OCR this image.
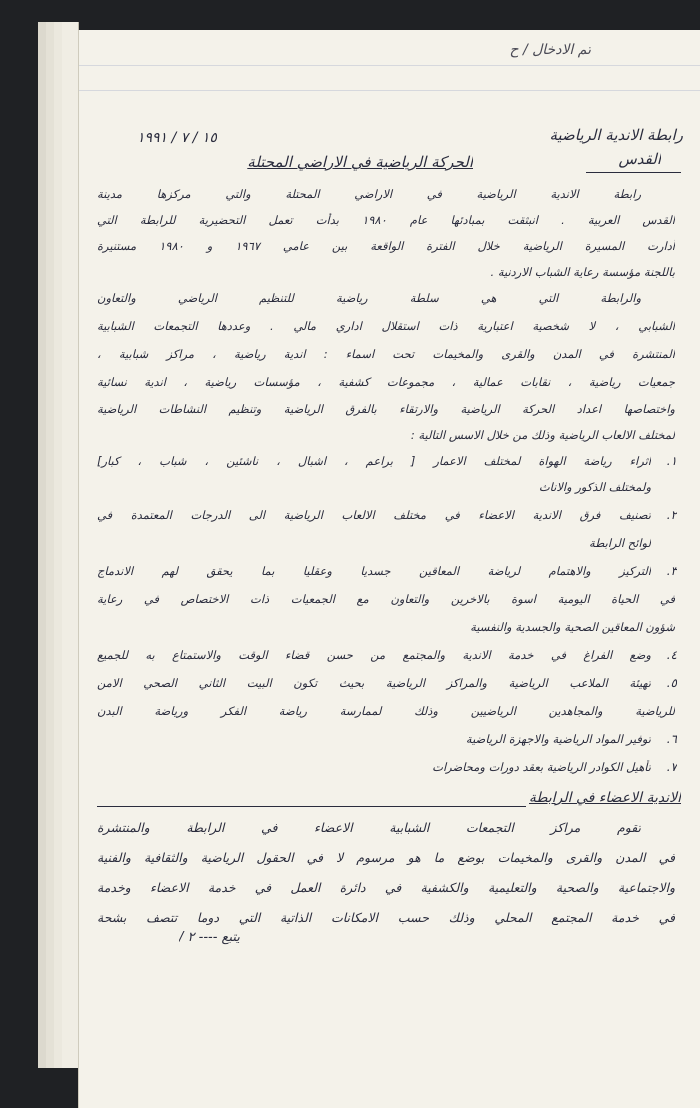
تم الادخال / ح
رابطة الاندية الرياضية
القدس
١٥ / ٧ / ١٩٩١
الحركة الرياضية في الاراضي المحتلة
رابطة الاندية الرياضية في الاراضي المحتلة والتي مركزها مدينة
القدس العربية . انبثقت بمبادئها عام ١٩٨٠ بدأت تعمل التحضيرية للرابطة التي
أدارت المسيرة الرياضية خلال الفترة الواقعة بين عامي ١٩٦٧ و ١٩٨٠ مستنيرة
باللجنة مؤسسة رعاية الشباب الاردنية .
والرابطة التي هي سلطة رياضية للتنظيم الرياضي والتعاون
الشبابي ، لا شخصية اعتبارية ذات استقلال اداري مالي . وعددها التجمعات الشبابية
المنتشرة في المدن والقرى والمخيمات تحت اسماء : اندية رياضية ، مراكز شبابية ،
جمعيات رياضية ، نقابات عمالية ، مجموعات كشفية ، مؤسسات رياضية ، اندية نسائية
واختصاصها اعداد الحركة الرياضية والارتقاء بالفرق الرياضية وتنظيم النشاطات الرياضية
لمختلف الالعاب الرياضية وذلك من خلال الاسس التالية :
١.
اثراء رياضة الهواة لمختلف الاعمار [ براعم ، اشبال ، ناشئين ، شباب ، كبار]
ولمختلف الذكور والاناث
٢.
تصنيف فرق الاندية الاعضاء في مختلف الالعاب الرياضية الى الدرجات المعتمدة في
لوائح الرابطة
٣.
التركيز والاهتمام لرياضة المعاقين جسديا وعقليا بما يحقق لهم الاندماج
في الحياة اليومية اسوة بالاخرين والتعاون مع الجمعيات ذات الاختصاص في رعاية
شؤون المعاقين الصحية والجسدية والنفسية
٤.
وضع الفراغ في خدمة الاندية والمجتمع من حسن قضاء الوقت والاستمتاع به للجميع
٥.
تهيئة الملاعب الرياضية والمراكز الرياضية بحيث تكون البيت الثاني الصحي الامن
للرياضية والمجاهدين الرياضيين وذلك لممارسة رياضة الفكر ورياضة البدن
٦.
توفير المواد الرياضية والاجهزة الرياضية
٧.
تأهيل الكوادر الرياضية بعقد دورات ومحاضرات
الاندية الاعضاء في الرابطة
تقوم مراكز التجمعات الشبابية الاعضاء في الرابطة والمنتشرة
في المدن والقرى والمخيمات بوضع ما هو مرسوم لا في الحقول الرياضية والثقافية والفنية
والاجتماعية والصحية والتعليمية والكشفية في دائرة العمل في خدمة الاعضاء وخدمة
في خدمة المجتمع المحلي وذلك حسب الامكانات الذاتية التي دوما تتصف بشحة
يتبع ---- ٢ /
